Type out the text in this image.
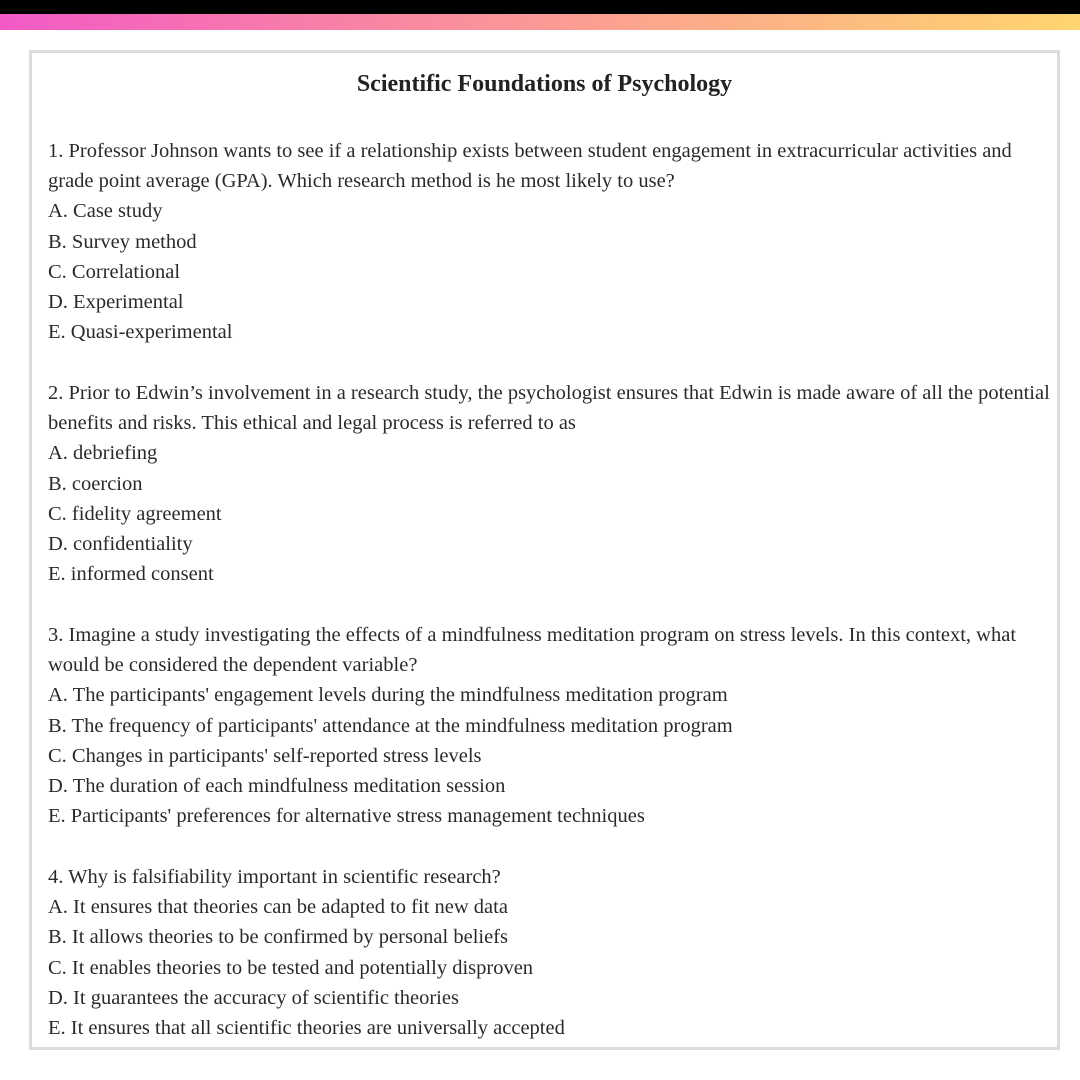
Scientific Foundations of Psychology
1. Professor Johnson wants to see if a relationship exists between student engagement in extracurricular activities and grade point average (GPA). Which research method is he most likely to use?
A. Case study
B. Survey method
C. Correlational
D. Experimental
E. Quasi-experimental
2. Prior to Edwin’s involvement in a research study, the psychologist ensures that Edwin is made aware of all the potential benefits and risks. This ethical and legal process is referred to as
A. debriefing
B. coercion
C. fidelity agreement
D. confidentiality
E. informed consent
3. Imagine a study investigating the effects of a mindfulness meditation program on stress levels. In this context, what would be considered the dependent variable?
A. The participants' engagement levels during the mindfulness meditation program
B. The frequency of participants' attendance at the mindfulness meditation program
C. Changes in participants' self-reported stress levels
D. The duration of each mindfulness meditation session
E. Participants' preferences for alternative stress management techniques
4. Why is falsifiability important in scientific research?
A. It ensures that theories can be adapted to fit new data
B. It allows theories to be confirmed by personal beliefs
C. It enables theories to be tested and potentially disproven
D. It guarantees the accuracy of scientific theories
E. It ensures that all scientific theories are universally accepted
